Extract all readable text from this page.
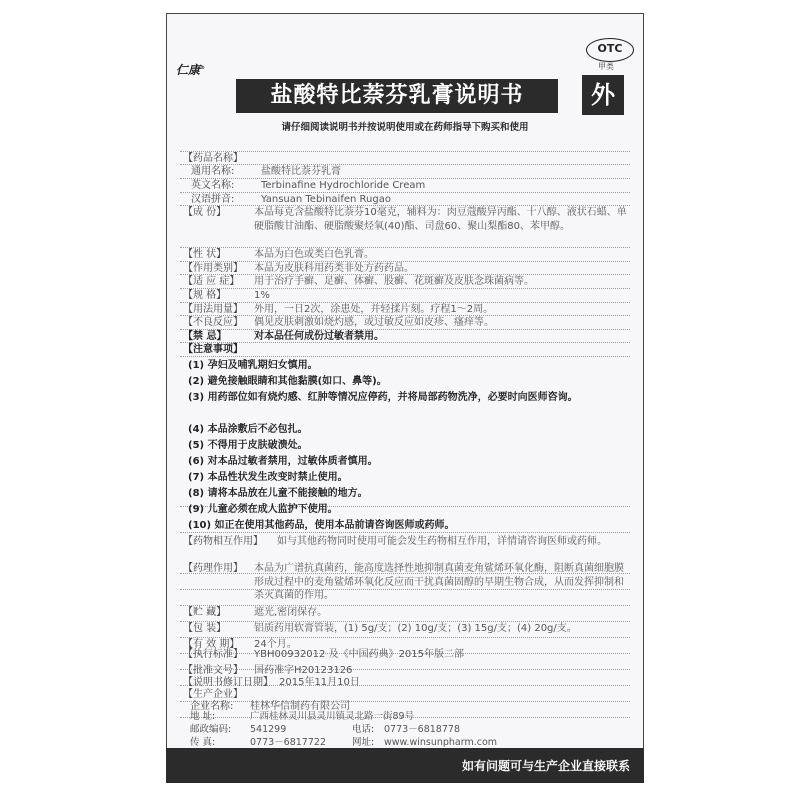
OTC
甲类
仁康®
盐酸特比萘芬乳膏说明书	外
请仔细阅读说明书并按说明使用或在药师指导下购买和使用
【药品名称】
通用名称:	盐酸特比萘芬乳膏
英文名称:	Terbinafine Hydrochloride Cream
汉语拼音:	Yansuan Tebinaifen Rugao
【成 份】	本品每克含盐酸特比萘芬10毫克，辅料为：肉豆蔻酸异丙酯、十八醇、液状石蜡、单硬脂酸甘油酯、硬脂酸聚烃氧(40)酯、司盘60、聚山梨酯80、苯甲醇。
【性 状】	本品为白色或类白色乳膏。
【作用类别】 本品为皮肤科用药类非处方药药品。
【适 应 症】 用于治疗手癣、足癣、体癣、股癣、花斑癣及皮肤念珠菌病等。
【规 格】	1%
【用法用量】 外用，一日2次，涂患处，并轻揉片刻。疗程1～2周。
【不良反应】 偶见皮肤刺激如烧灼感，或过敏反应如皮疹、瘙痒等。
【禁 忌】	对本品任何成份过敏者禁用。
【注意事项】
(1) 孕妇及哺乳期妇女慎用。
(2) 避免接触眼睛和其他黏膜(如口、鼻等)。
(3) 用药部位如有烧灼感、红肿等情况应停药，并将局部药物洗净，必要时向医师咨询。
(4) 本品涂敷后不必包扎。
(5) 不得用于皮肤破溃处。
(6) 对本品过敏者禁用，过敏体质者慎用。
(7) 本品性状发生改变时禁止使用。
(8) 请将本品放在儿童不能接触的地方。
(9) 儿童必须在成人监护下使用。
(10) 如正在使用其他药品，使用本品前请咨询医师或药师。
【药物相互作用】 如与其他药物同时使用可能会发生药物相互作用，详情请咨询医师或药师。
【药理作用】 本品为广谱抗真菌药，能高度选择性地抑制真菌麦角鲨烯环氧化酶，阻断真菌细胞膜形成过程中的麦角鲨烯环氧化反应而干扰真菌固醇的早期生物合成，从而发挥抑制和杀灭真菌的作用。
【贮 藏】	遮光,密闭保存。
【包 装】	铝质药用软膏管装，(1) 5g/支；(2) 10g/支；(3) 15g/支；(4) 20g/支。
【有 效 期】 24个月。
【执行标准】 YBH00932012 及《中国药典》2015年版二部
【批准文号】 国药准字H20123126
【说明书修订日期】 2015年11月10日
【生产企业】
企业名称: 桂林华信制药有限公司
如有问题可与生产企业直接联系
地 址:	广西桂林灵川县灵川镇灵北路一街89号
邮政编码: 541299	电话: 0773－6818778
传 真:	0773－6817722	网址: www.winsunpharm.com
